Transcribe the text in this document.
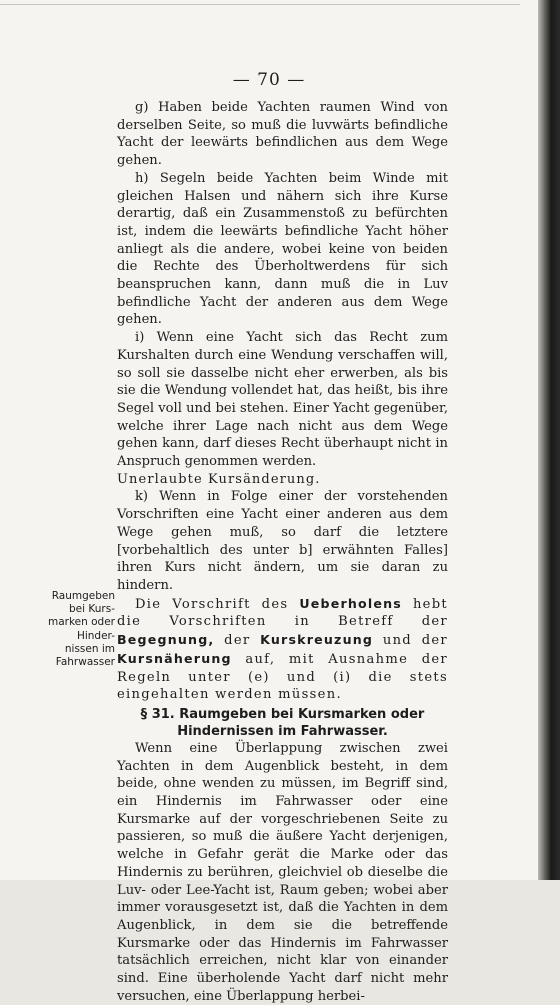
— 70 —

g) Haben beide Yachten raumen Wind von derselben Seite, so muß die luvwärts befindliche Yacht der leewärts befindlichen aus dem Wege gehen.

h) Segeln beide Yachten beim Winde mit gleichen Halsen und nähern sich ihre Kurse derartig, daß ein Zusammenstoß zu befürchten ist, indem die leewärts befindliche Yacht höher anliegt als die andere, wobei keine von beiden die Rechte des Überholtwerdens für sich beanspruchen kann, dann muß die in Luv befindliche Yacht der anderen aus dem Wege gehen.

i) Wenn eine Yacht sich das Recht zum Kurshalten durch eine Wendung verschaffen will, so soll sie dasselbe nicht eher erwerben, als bis sie die Wendung vollendet hat, das heißt, bis ihre Segel voll und bei stehen. Einer Yacht gegenüber, welche ihrer Lage nach nicht aus dem Wege gehen kann, darf dieses Recht überhaupt nicht in Anspruch genommen werden.

Unerlaubte Kursänderung.

k) Wenn in Folge einer der vorstehenden Vorschriften eine Yacht einer anderen aus dem Wege gehen muß, so darf die letztere [vorbehaltlich des unter b] erwähnten Falles] ihren Kurs nicht ändern, um sie daran zu hindern.

Die Vorschrift des Ueberholens hebt die Vorschriften in Betreff der Begegnung, der Kurskreuzung und der Kursnäherung auf, mit Ausnahme der Regeln unter (e) und (i) die stets eingehalten werden müssen.

§ 31. Raumgeben bei Kursmarken oder
Hindernissen im Fahrwasser.

Wenn eine Überlappung zwischen zwei Yachten in dem Augenblick besteht, in dem beide, ohne wenden zu müssen, im Begriff sind, ein Hindernis im Fahrwasser oder eine Kursmarke auf der vorgeschriebenen Seite zu passieren, so muß die äußere Yacht derjenigen, welche in Gefahr gerät die Marke oder das Hindernis zu berühren, gleichviel ob dieselbe die Luv- oder Lee-Yacht ist, Raum geben; wobei aber immer vorausgesetzt ist, daß die Yachten in dem Augenblick, in dem sie die betreffende Kursmarke oder das Hindernis im Fahrwasser tatsächlich erreichen, nicht klar von einander sind. Eine überholende Yacht darf nicht mehr versuchen, eine Überlappung herbei-

Raumgeben
bei Kurs-
marken oder
Hinder-
nissen im
Fahrwasser
